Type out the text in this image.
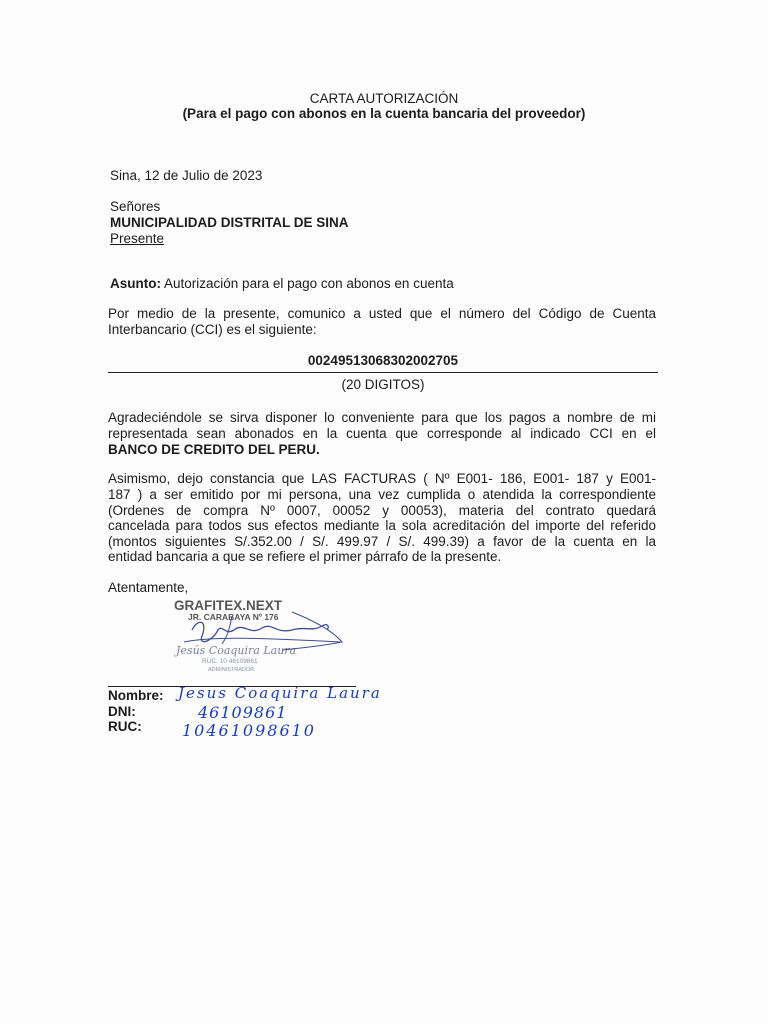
CARTA AUTORIZACIÓN
(Para el pago con abonos en la cuenta bancaria del proveedor)
Sina, 12 de Julio de 2023
Señores
MUNICIPALIDAD DISTRITAL DE SINA
Presente
Asunto: Autorización para el pago con abonos en cuenta
Por medio de la presente, comunico a usted que el número del Código de Cuenta
Interbancario (CCI) es el siguiente:
00249513068302002705
(20 DIGITOS)
Agradeciéndole se sirva disponer lo conveniente para que los pagos a nombre de mi
representada sean abonados en la cuenta que corresponde al indicado CCI en el
BANCO DE CREDITO DEL PERU.
Asimismo, dejo constancia que LAS FACTURAS ( Nº E001- 186, E001- 187 y E001-
187 ) a ser emitido por mi persona, una vez cumplida o atendida la correspondiente
(Ordenes de compra Nº 0007, 00052 y 00053), materia del contrato quedará
cancelada para todos sus efectos mediante la sola acreditación del importe del referido
(montos siguientes S/.352.00 / S/. 499.97 / S/. 499.39) a favor de la cuenta en la
entidad bancaria a que se refiere el primer párrafo de la presente.
Atentamente,
GRAFITEX.NEXT
JR. CARABAYA Nº 176
Jesús Coaquira Laura
RUC. 10 46109861
ADMINISTRADOR
Nombre:
DNI:
RUC:
Jesus Coaquira Laura
46109861
10461098610
